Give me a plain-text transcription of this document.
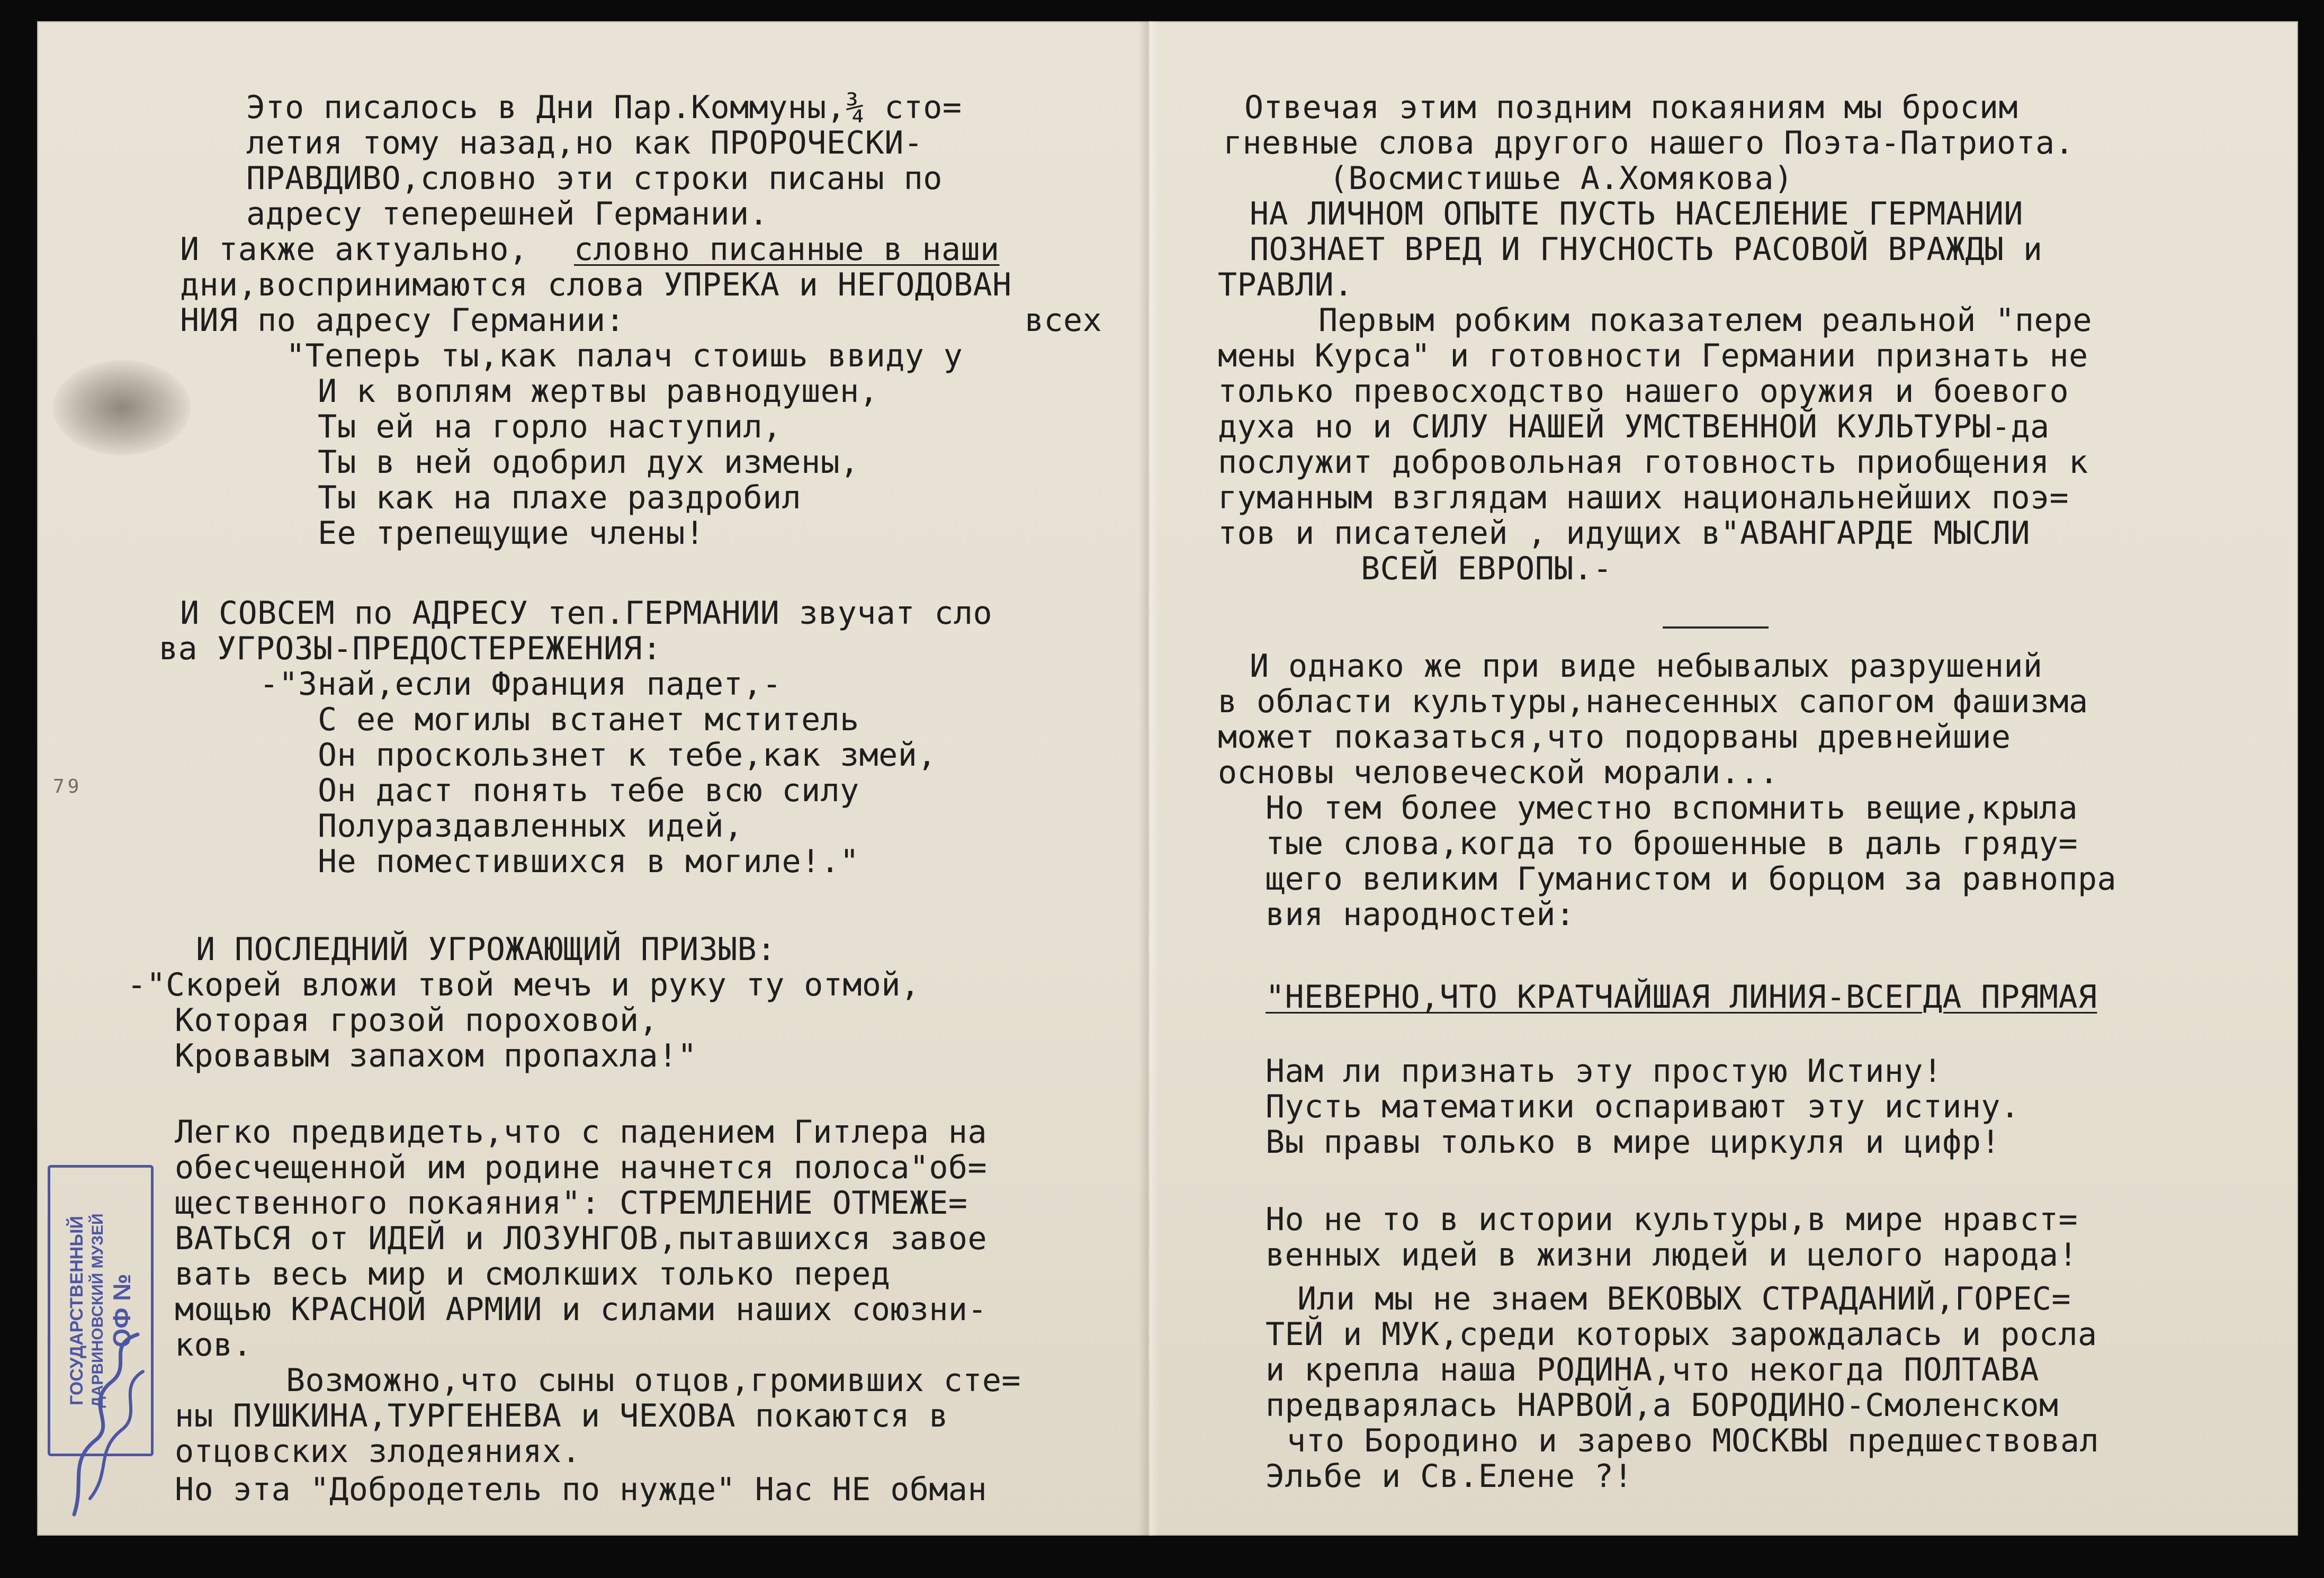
Это писалось в Дни Пар.Коммуны,¾ сто=
летия тому назад,но как ПРОРОЧЕСКИ-
ПРАВДИВО,словно эти строки писаны по
адресу теперешней Германии.
И также актуально, словно писанные в наши
дни,воспринимаются слова УПРЕКА и НЕГОДОВАН
НИЯ по адресу Германии:	всех
"Теперь ты,как палач стоишь ввиду у
И к воплям жертвы равнодушен,
Ты ей на горло наступил,
Ты в ней одобрил дух измены,
Ты как на плахе раздробил
Ее трепещущие члены!
И СОВСЕМ по АДРЕСУ теп.ГЕРМАНИИ звучат сло
ва УГРОЗЫ-ПРЕДОСТЕРЕЖЕНИЯ:
-"Знай,если Франция падет,-
С ее могилы встанет мститель
Он проскользнет к тебе,как змей,
Он даст понять тебе всю силу
Полураздавленных идей,
Не поместившихся в могиле!."
И ПОСЛЕДНИЙ УГРОЖАЮЩИЙ ПРИЗЫВ:
-"Скорей вложи твой мечъ и руку ту отмой,
Которая грозой пороховой,
Кровавым запахом пропахла!"
Легко предвидеть,что с падением Гитлера на
обесчещенной им родине начнется полоса"об=
щественного покаяния": СТРЕМЛЕНИЕ ОТМЕЖЕ=
ВАТЬСЯ от ИДЕЙ и ЛОЗУНГОВ,пытавшихся завое
вать весь мир и смолкших только перед
мощью КРАСНОЙ АРМИИ и силами наших союзни-
ков.
Возможно,что сыны отцов,громивших сте=
ны ПУШКИНА,ТУРГЕНЕВА и ЧЕХОВА покаются в
отцовских злодеяниях.
Но эта "Добродетель по нужде" Нас НЕ обман
79
ГОСУДАРСТВЕННЫЙ ДАРВИНОВСКИЙ МУЗЕЙ ОФ №
Отвечая этим поздним покаяниям мы бросим
гневные слова другого нашего Поэта-Патриота.
(Восмистишье А.Хомякова)
НА ЛИЧНОМ ОПЫТЕ ПУСТЬ НАСЕЛЕНИЕ ГЕРМАНИИ
ПОЗНАЕТ ВРЕД И ГНУСНОСТЬ РАСОВОЙ ВРАЖДЫ и
ТРАВЛИ.
Первым робким показателем реальной "пере
мены Курса" и готовности Германии признать не
только превосходство нашего оружия и боевого
духа но и СИЛУ НАШЕЙ УМСТВЕННОЙ КУЛЬТУРЫ-да
послужит добровольная готовность приобщения к
гуманным взглядам наших национальнейших поэ=
тов и писателей , идущих в"АВАНГАРДЕ МЫСЛИ
ВСЕЙ ЕВРОПЫ.-
И однако же при виде небывалых разрушений
в области культуры,нанесенных сапогом фашизма
может показаться,что подорваны древнейшие
основы человеческой морали...
Но тем более уместно вспомнить вещие,крыла
тые слова,когда то брошенные в даль гряду=
щего великим Гуманистом и борцом за равнопра
вия народностей:
"НЕВЕРНО,ЧТО КРАТЧАЙШАЯ ЛИНИЯ-ВСЕГДА ПРЯМАЯ
Нам ли признать эту простую Истину!
Пусть математики оспаривают эту истину.
Вы правы только в мире циркуля и цифр!
Но не то в истории культуры,в мире нравст=
венных идей в жизни людей и целого народа!
Или мы не знаем ВЕКОВЫХ СТРАДАНИЙ,ГОРЕС=
ТЕЙ и МУК,среди которых зарождалась и росла
и крепла наша РОДИНА,что некогда ПОЛТАВА
предварялась НАРВОЙ,а БОРОДИНО-Смоленском
что Бородино и зарево МОСКВЫ предшествовал
Эльбе и Св.Елене ?!
